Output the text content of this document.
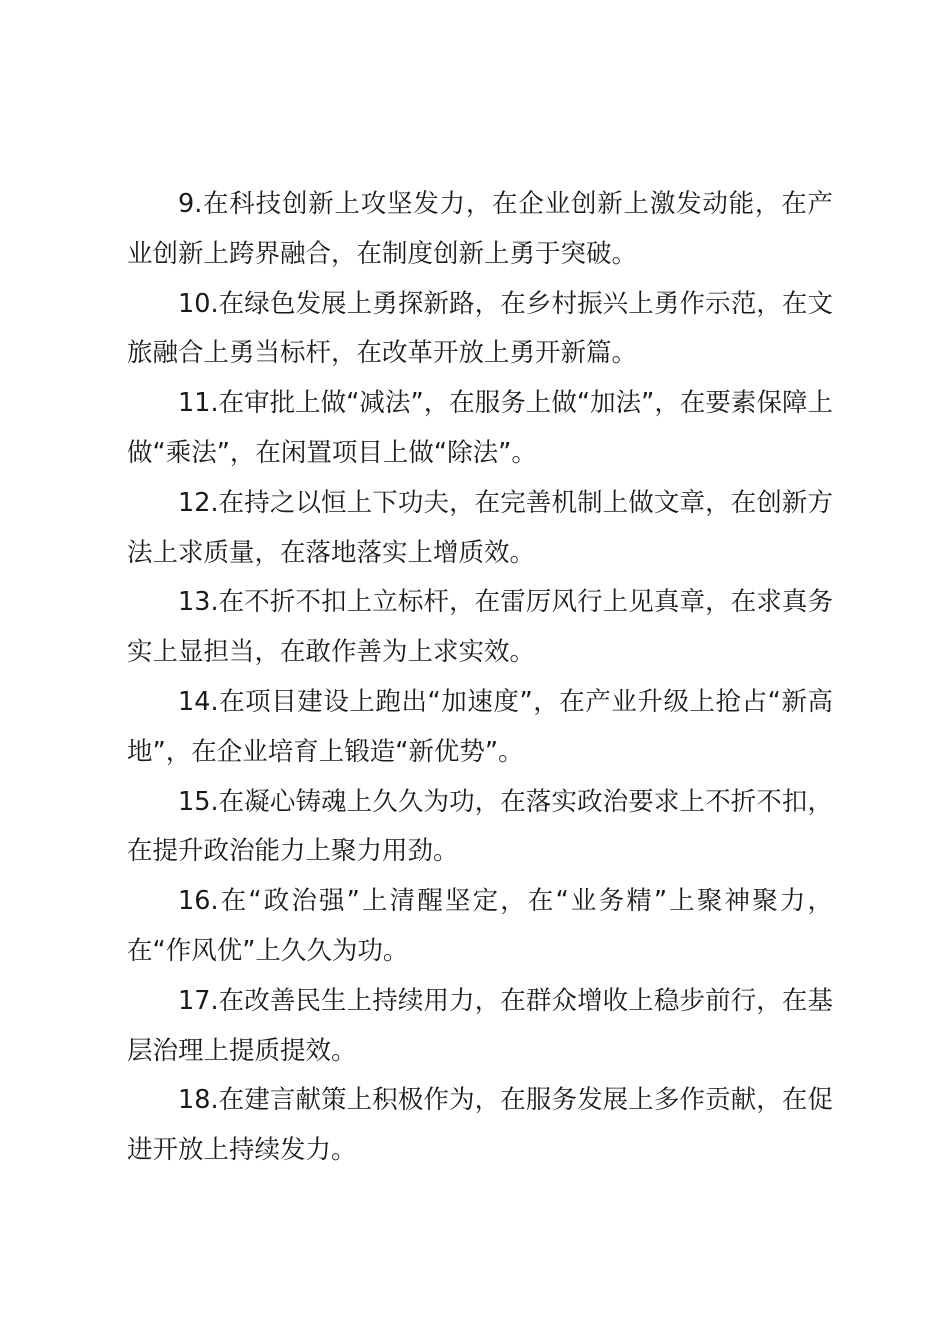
9.在科技创新上攻坚发力，在企业创新上激发动能，在产业创新上跨界融合，在制度创新上勇于突破。

10.在绿色发展上勇探新路，在乡村振兴上勇作示范，在文旅融合上勇当标杆，在改革开放上勇开新篇。

11.在审批上做“减法”，在服务上做“加法”，在要素保障上做“乘法”，在闲置项目上做“除法”。

12.在持之以恒上下功夫，在完善机制上做文章，在创新方法上求质量，在落地落实上增质效。

13.在不折不扣上立标杆，在雷厉风行上见真章，在求真务实上显担当，在敢作善为上求实效。

14.在项目建设上跑出“加速度”，在产业升级上抢占“新高地”，在企业培育上锻造“新优势”。

15.在凝心铸魂上久久为功，在落实政治要求上不折不扣，在提升政治能力上聚力用劲。

16.在“政治强”上清醒坚定，在“业务精”上聚神聚力，在“作风优”上久久为功。

17.在改善民生上持续用力，在群众增收上稳步前行，在基层治理上提质提效。

18.在建言献策上积极作为，在服务发展上多作贡献，在促进开放上持续发力。
